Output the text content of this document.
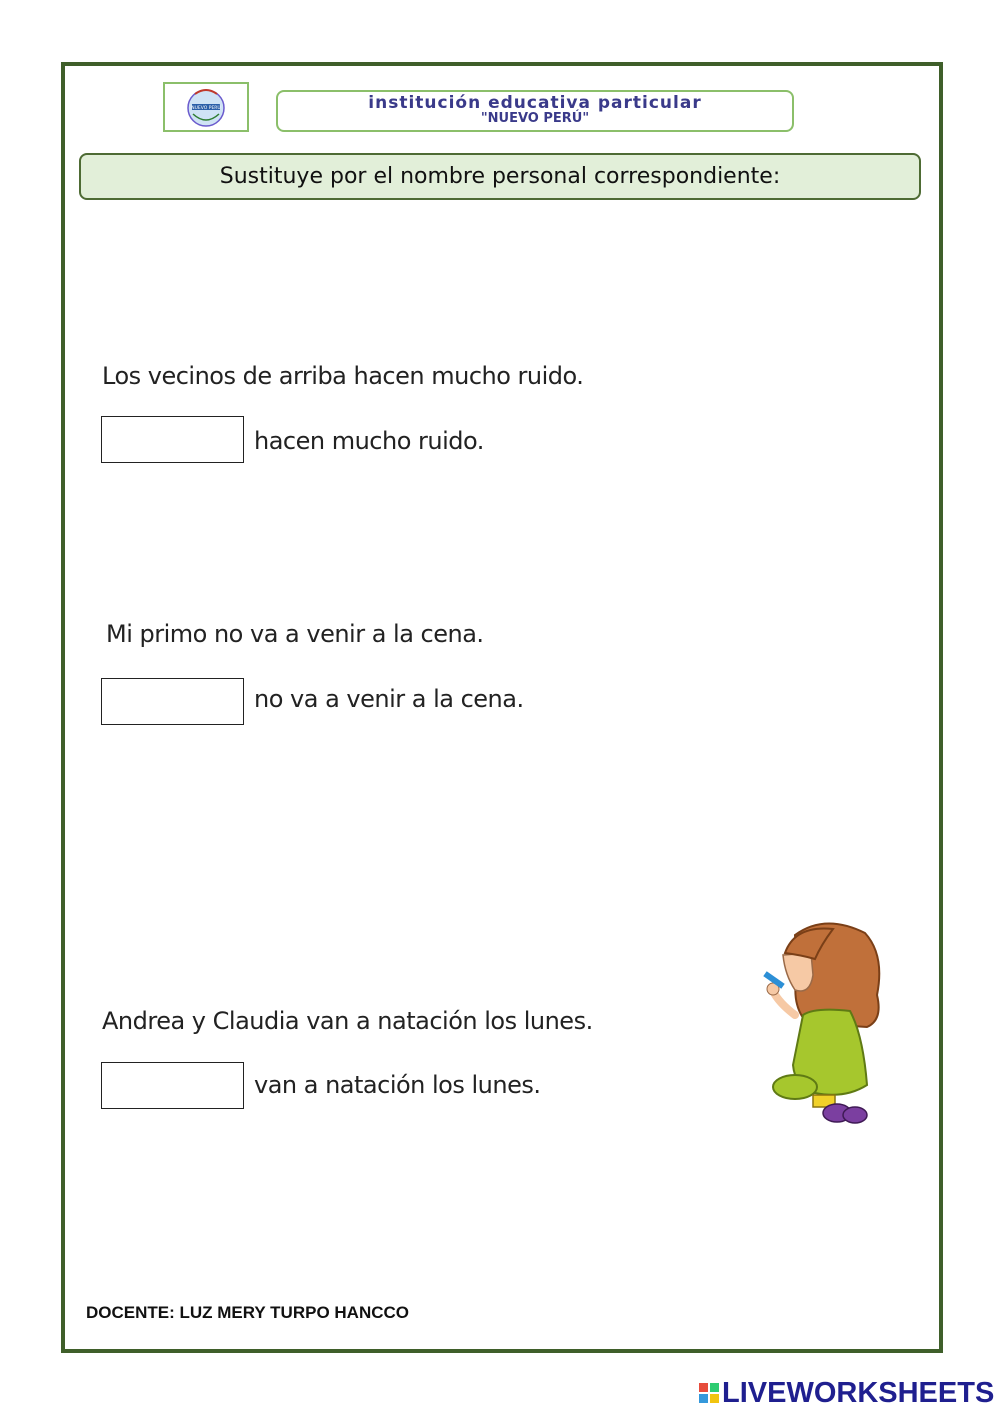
NUEVO PERÚ	institución educativa particular
"NUEVO PERÚ"
Sustituye por el nombre personal correspondiente:
Los vecinos de arriba hacen mucho ruido.
hacen mucho ruido.
Mi primo no va a venir a la cena.
no va a venir a la cena.
Andrea y Claudia van a natación los lunes.
van a natación los lunes.
DOCENTE: LUZ MERY TURPO HANCCO
LIVEWORKSHEETS
